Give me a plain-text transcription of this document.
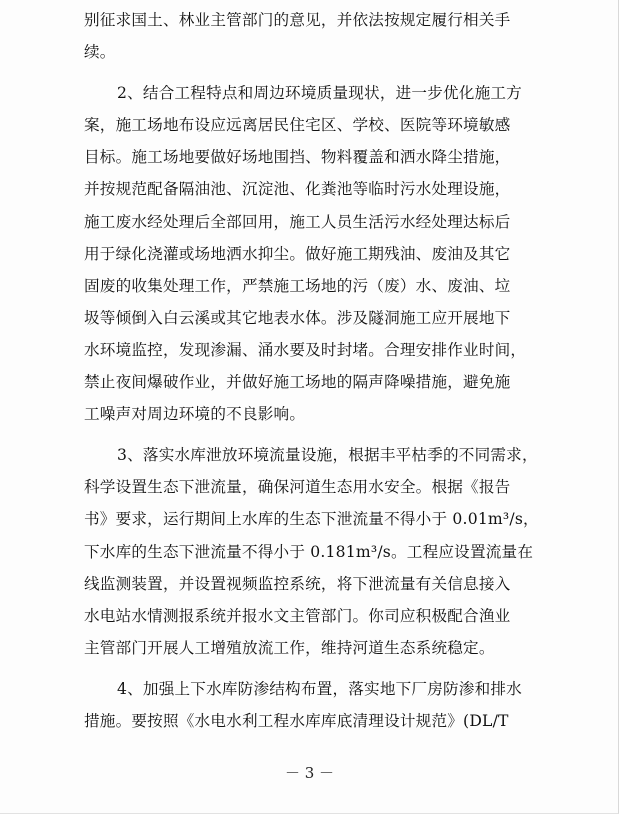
别征求国土、林业主管部门的意见，并依法按规定履行相关手
续。
2、结合工程特点和周边环境质量现状，进一步优化施工方
案，施工场地布设应远离居民住宅区、学校、医院等环境敏感
目标。施工场地要做好场地围挡、物料覆盖和洒水降尘措施，
并按规范配备隔油池、沉淀池、化粪池等临时污水处理设施，
施工废水经处理后全部回用，施工人员生活污水经处理达标后
用于绿化浇灌或场地洒水抑尘。做好施工期残油、废油及其它
固废的收集处理工作，严禁施工场地的污（废）水、废油、垃
圾等倾倒入白云溪或其它地表水体。涉及隧洞施工应开展地下
水环境监控，发现渗漏、涌水要及时封堵。合理安排作业时间，
禁止夜间爆破作业，并做好施工场地的隔声降噪措施，避免施
工噪声对周边环境的不良影响。
3、落实水库泄放环境流量设施，根据丰平枯季的不同需求，
科学设置生态下泄流量，确保河道生态用水安全。根据《报告
书》要求，运行期间上水库的生态下泄流量不得小于 0.01m³/s，
下水库的生态下泄流量不得小于 0.181m³/s。工程应设置流量在
线监测装置，并设置视频监控系统，将下泄流量有关信息接入
水电站水情测报系统并报水文主管部门。你司应积极配合渔业
主管部门开展人工增殖放流工作，维持河道生态系统稳定。
4、加强上下水库防渗结构布置，落实地下厂房防渗和排水
措施。要按照《水电水利工程水库库底清理设计规范》(DL/T
－ 3 －
